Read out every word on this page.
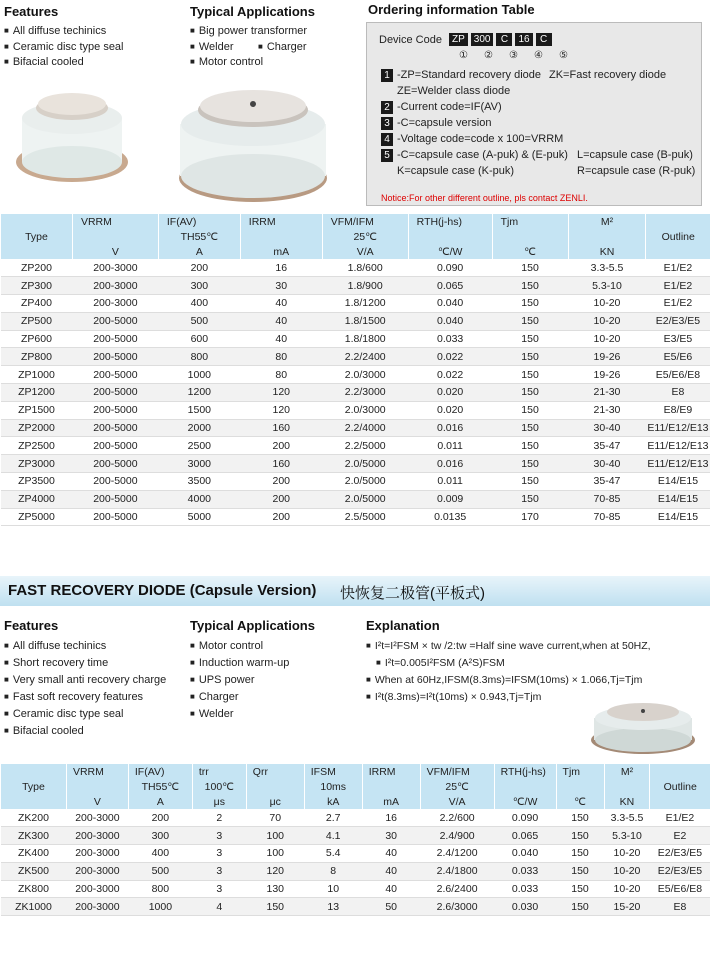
Features
■ All diffuse techinics
■ Ceramic disc type seal
■ Bifacial cooled
Typical Applications
■ Big power transformer
■ Welder
■ Motor control
■ Charger
Ordering information Table
Device Code	ZP 300	C	16	C
①	②	③	④	⑤
1 -ZP=Standard recovery diode ZK=Fast recovery diode
ZE=Welder class diode
2 -Current code=IF(AV)
3 -C=capsule version
4 -Voltage code=code x 100=VRRM
5 -C=capsule case (A-puk) & (E-puk) L=capsule case (B-puk)
K=capsule case (K-puk)	R=capsule case (R-puk)
Notice:For other different outline, pls contact ZENLI.
Type	VRRM	IF(AV)	IRRM	VFM/IFM	RTH(j-hs)	Tjm	M²	Outline
		TH55℃		25℃				
	V	A	mA	V/A	℃/W	℃	KN	
ZP200	200-3000	200	16	1.8/600	0.090	150	3.3-5.5	E1/E2
ZP300	200-3000	300	30	1.8/900	0.065	150	5.3-10	E1/E2
ZP400	200-3000	400	40	1.8/1200	0.040	150	10-20	E1/E2
ZP500	200-5000	500	40	1.8/1500	0.040	150	10-20	E2/E3/E5
ZP600	200-5000	600	40	1.8/1800	0.033	150	10-20	E3/E5
ZP800	200-5000	800	80	2.2/2400	0.022	150	19-26	E5/E6
ZP1000	200-5000	1000	80	2.0/3000	0.022	150	19-26	E5/E6/E8
ZP1200	200-5000	1200	120	2.2/3000	0.020	150	21-30	E8
ZP1500	200-5000	1500	120	2.0/3000	0.020	150	21-30	E8/E9
ZP2000	200-5000	2000	160	2.2/4000	0.016	150	30-40	E11/E12/E13
ZP2500	200-5000	2500	200	2.2/5000	0.011	150	35-47	E11/E12/E13
ZP3000	200-5000	3000	160	2.0/5000	0.016	150	30-40	E11/E12/E13
ZP3500	200-5000	3500	200	2.0/5000	0.011	150	35-47	E14/E15
ZP4000	200-5000	4000	200	2.0/5000	0.009	150	70-85	E14/E15
ZP5000	200-5000	5000	200	2.5/5000	0.0135	170	70-85	E14/E15
FAST RECOVERY DIODE (Capsule Version) 快恢复二极管(平板式)
Features
■ All diffuse techinics
■ Short recovery time
■ Very small anti recovery charge
■ Fast soft recovery features
■ Ceramic disc type seal
■ Bifacial cooled
Typical Applications
■ Motor control
■ Induction warm-up
■ UPS power
■ Charger
■ Welder
Explanation
■ I²t=I²FSM × tw /2:tw =Half sine wave current,when at 50HZ,
■ I²t=0.005I²FSM (A²S)FSM
■ When at 60Hz,IFSM(8.3ms)=IFSM(10ms) × 1.066,Tj=Tjm
■ I²t(8.3ms)=I²t(10ms) × 0.943,Tj=Tjm
Type	VRRM	IF(AV)	trr	Qrr	IFSM	IRRM	VFM/IFM	RTH(j-hs)	Tjm	M²	Outline
		TH55℃	100℃		10ms		25℃				
	V	A	μs	μc	kA	mA	V/A	℃/W	℃	KN	
ZK200	200-3000	200	2	70	2.7	16	2.2/600	0.090	150	3.3-5.5	E1/E2
ZK300	200-3000	300	3	100	4.1	30	2.4/900	0.065	150	5.3-10	E2
ZK400	200-3000	400	3	100	5.4	40	2.4/1200	0.040	150	10-20	E2/E3/E5
ZK500	200-3000	500	3	120	8	40	2.4/1800	0.033	150	10-20	E2/E3/E5
ZK800	200-3000	800	3	130	10	40	2.6/2400	0.033	150	10-20	E5/E6/E8
ZK1000	200-3000	1000	4	150	13	50	2.6/3000	0.030	150	15-20	E8
